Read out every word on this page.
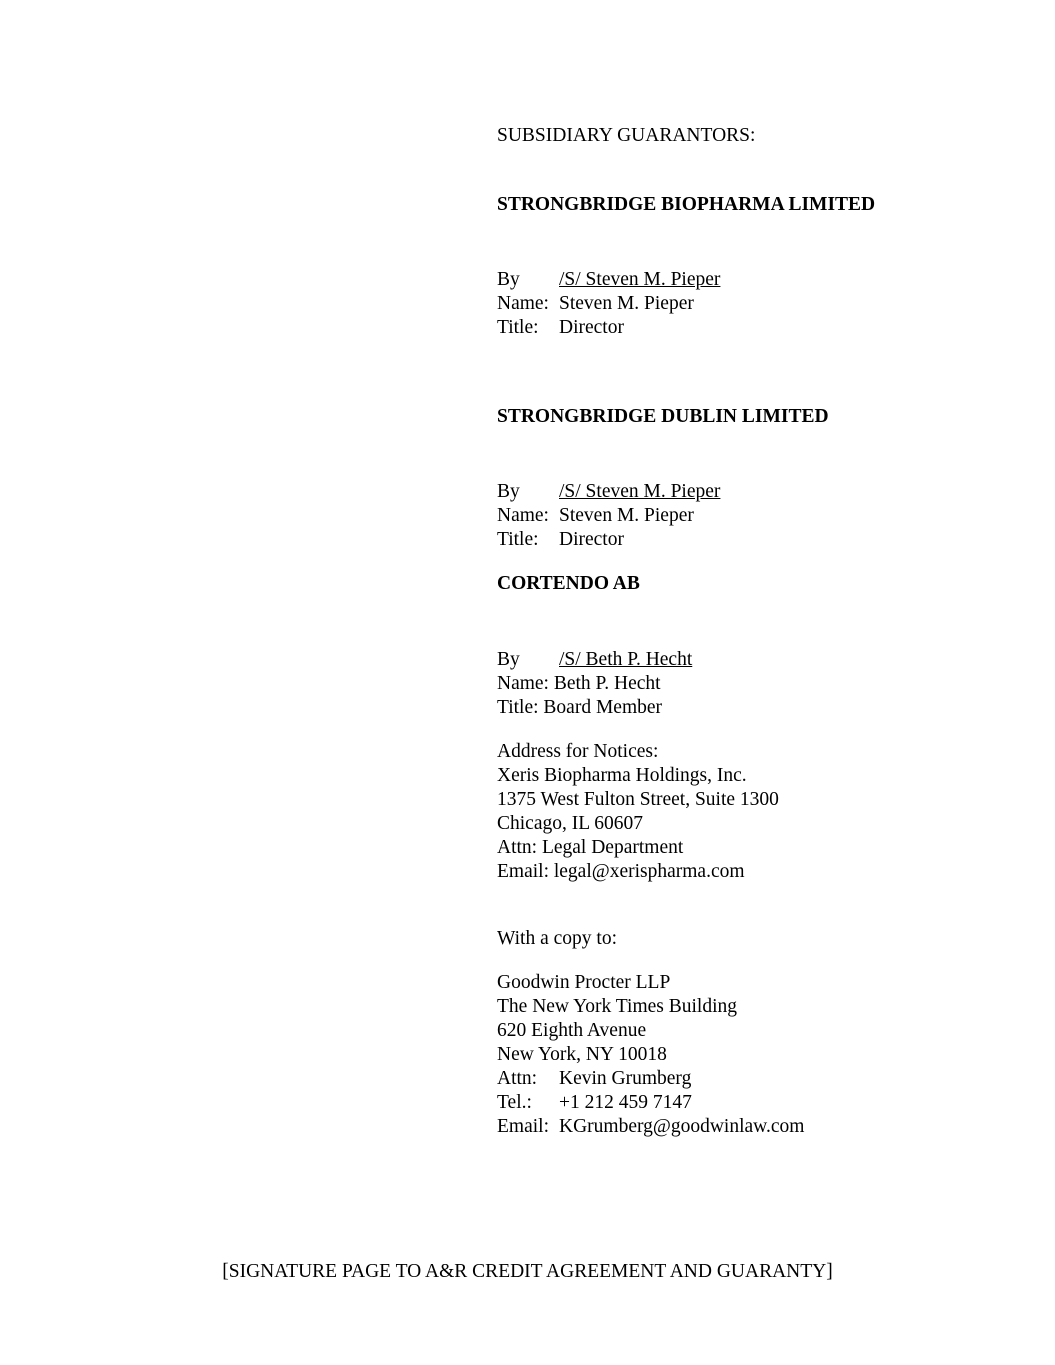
SUBSIDIARY GUARANTORS:
STRONGBRIDGE BIOPHARMA LIMITED
By /S/ Steven M. Pieper
Name: Steven M. Pieper
Title: Director
STRONGBRIDGE DUBLIN LIMITED
By /S/ Steven M. Pieper
Name: Steven M. Pieper
Title: Director
CORTENDO AB
By /S/ Beth P. Hecht
Name: Beth P. Hecht
Title: Board Member
Address for Notices:
Xeris Biopharma Holdings, Inc.
1375 West Fulton Street, Suite 1300
Chicago, IL 60607
Attn: Legal Department
Email: legal@xerispharma.com
With a copy to:
Goodwin Procter LLP
The New York Times Building
620 Eighth Avenue
New York, NY 10018
Attn: Kevin Grumberg
Tel.: +1 212 459 7147
Email: KGrumberg@goodwinlaw.com
[SIGNATURE PAGE TO A&R CREDIT AGREEMENT AND GUARANTY]
